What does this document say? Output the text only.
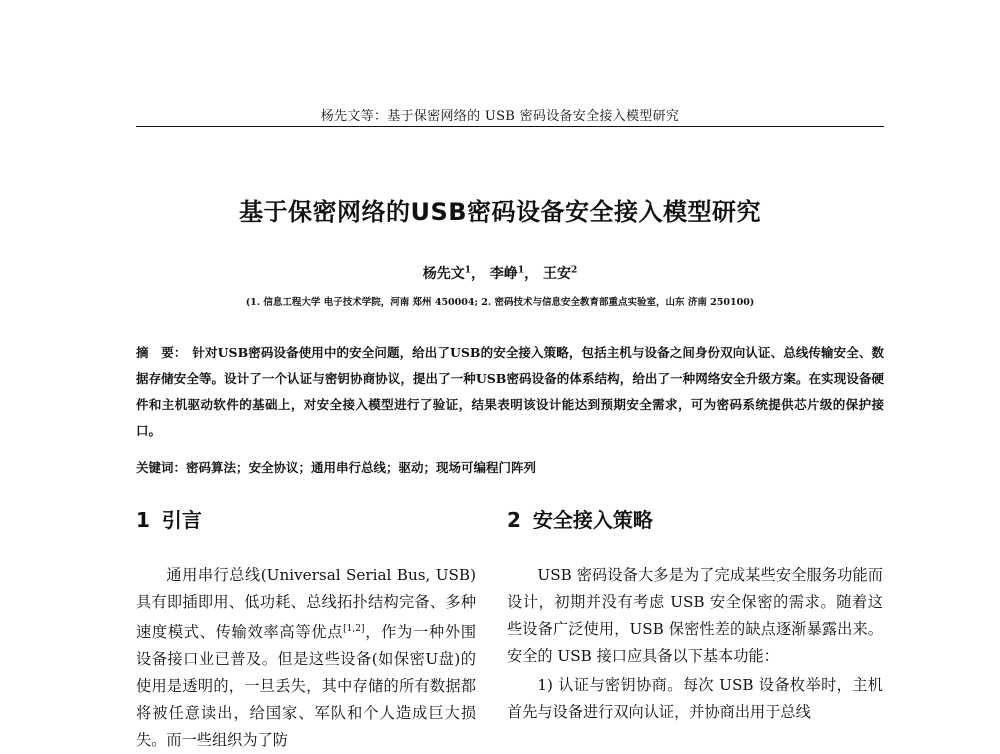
杨先文等：基于保密网络的 USB 密码设备安全接入模型研究
基于保密网络的USB密码设备安全接入模型研究
杨先文$^1$， 李峥$^1$， 王安$^2$
(1. 信息工程大学 电子技术学院，河南 郑州 450004; 2. 密码技术与信息安全教育部重点实验室，山东 济南 250100)
摘　要： 针对USB密码设备使用中的安全问题，给出了USB的安全接入策略，包括主机与设备之间身份双向认证、总线传输安全、数据存储安全等。设计了一个认证与密钥协商协议，提出了一种USB密码设备的体系结构，给出了一种网络安全升级方案。在实现设备硬件和主机驱动软件的基础上，对安全接入模型进行了验证，结果表明该设计能达到预期安全需求，可为密码系统提供芯片级的保护接口。
关键词：密码算法；安全协议；通用串行总线；驱动；现场可编程门阵列
1 引言
通用串行总线(Universal Serial Bus, USB)具有即插即用、低功耗、总线拓扑结构完备、多种速度模式、传输效率高等优点[1,2]，作为一种外围设备接口业已普及。但是这些设备(如保密U盘)的使用是透明的，一旦丢失，其中存储的所有数据都将被任意读出，给国家、军队和个人造成巨大损失。而一些组织为了防
2 安全接入策略
USB 密码设备大多是为了完成某些安全服务功能而设计，初期并没有考虑 USB 安全保密的需求。随着这些设备广泛使用，USB 保密性差的缺点逐渐暴露出来。安全的 USB 接口应具备以下基本功能：
1) 认证与密钥协商。每次 USB 设备枚举时，主机首先与设备进行双向认证，并协商出用于总线
